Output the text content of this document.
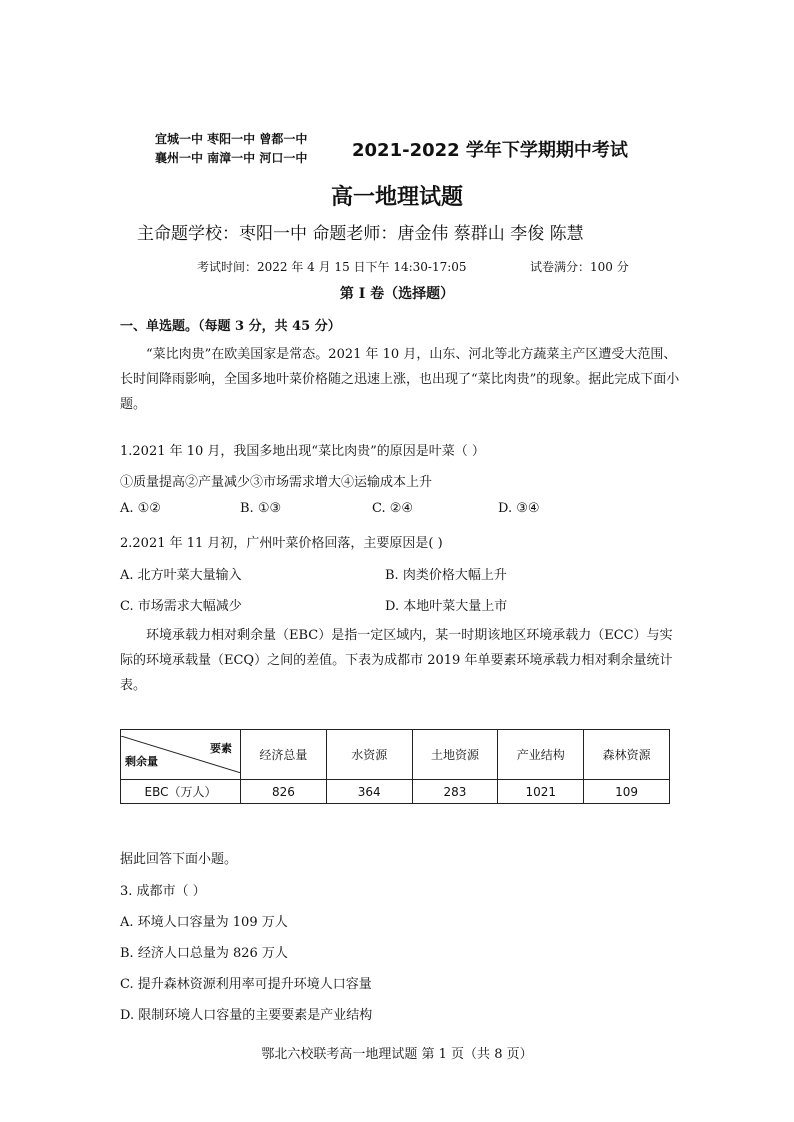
宜城一中 枣阳一中 曾都一中
襄州一中 南漳一中 河口一中 2021-2022 学年下学期期中考试
高一地理试题
主命题学校：枣阳一中 命题老师：唐金伟 蔡群山 李俊 陈慧
考试时间：2022 年 4 月 15 日下午 14:30-17:05	试卷满分：100 分
第 I 卷（选择题）
一、单选题。（每题 3 分，共 45 分）
“菜比肉贵”在欧美国家是常态。2021 年 10 月，山东、河北等北方蔬菜主产区遭受大范围、长时间降雨影响，全国多地叶菜价格随之迅速上涨，也出现了“菜比肉贵”的现象。据此完成下面小题。
1.2021 年 10 月，我国多地出现“菜比肉贵”的原因是叶菜（ ）
①质量提高②产量减少③市场需求增大④运输成本上升
A. ①②	B. ①③	C. ②④	D. ③④
2.2021 年 11 月初，广州叶菜价格回落，主要原因是( )
A. 北方叶菜大量输入	B. 肉类价格大幅上升
C. 市场需求大幅减少	D. 本地叶菜大量上市
环境承载力相对剩余量（EBC）是指一定区域内，某一时期该地区环境承载力（ECC）与实际的环境承载量（ECQ）之间的差值。下表为成都市 2019 年单要素环境承载力相对剩余量统计表。
要素
剩余量	经济总量	水资源	土地资源	产业结构	森林资源
EBC（万人）	826	364	283	1021	109
据此回答下面小题。
3. 成都市（ ）
A. 环境人口容量为 109 万人
B. 经济人口总量为 826 万人
C. 提升森林资源利用率可提升环境人口容量
D. 限制环境人口容量的主要要素是产业结构
鄂北六校联考高一地理试题 第 1 页（共 8 页）
